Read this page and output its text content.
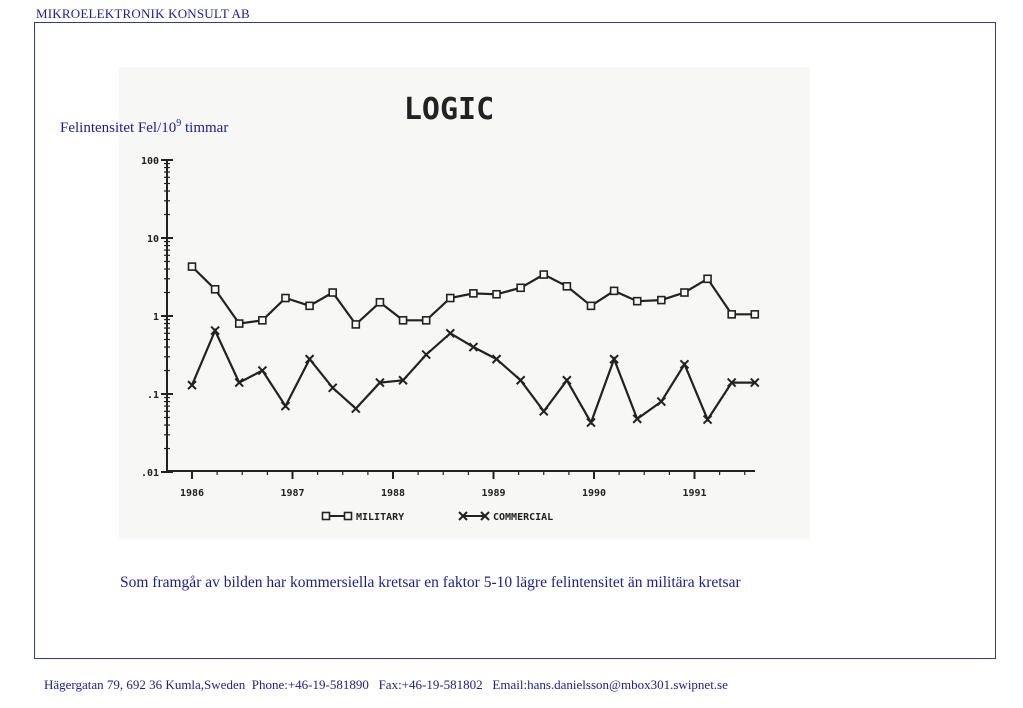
MIKROELEKTRONIK KONSULT AB
LOGIC
100
10
1
.1
.01
1986	1987	1988	1989	1990	1991
MILITARY	COMMERCIAL
Felintensitet Fel/$10^9$ timmar
Som framgår av bilden har kommersiella kretsar en faktor 5-10 lägre felintensitet än militära kretsar
Hägergatan 79, 692 36 Kumla,Sweden  Phone:+46-19-581890   Fax:+46-19-581802   Email:hans.danielsson@mbox301.swipnet.se
